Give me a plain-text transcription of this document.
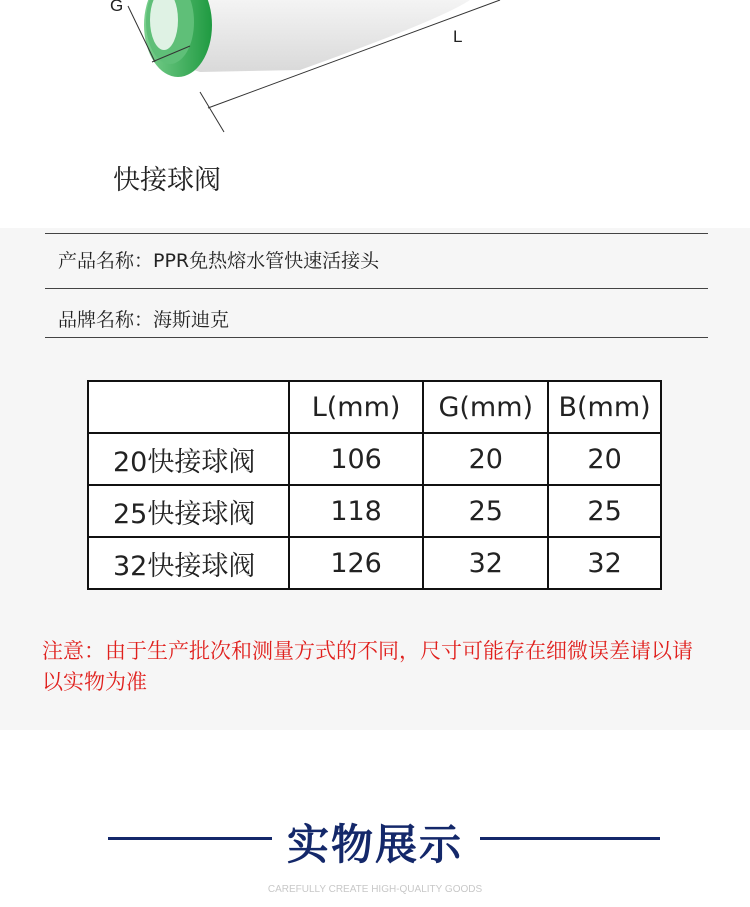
G
L
快接球阀
产品名称：PPR免热熔水管快速活接头
品牌名称：海斯迪克
	L(mm)	G(mm)	B(mm)
20快接球阀	106	20	20
25快接球阀	118	25	25
32快接球阀	126	32	32
注意：由于生产批次和测量方式的不同，尺寸可能存在细微误差请以请以实物为准
实物展示
CAREFULLY CREATE HIGH-QUALITY GOODS
